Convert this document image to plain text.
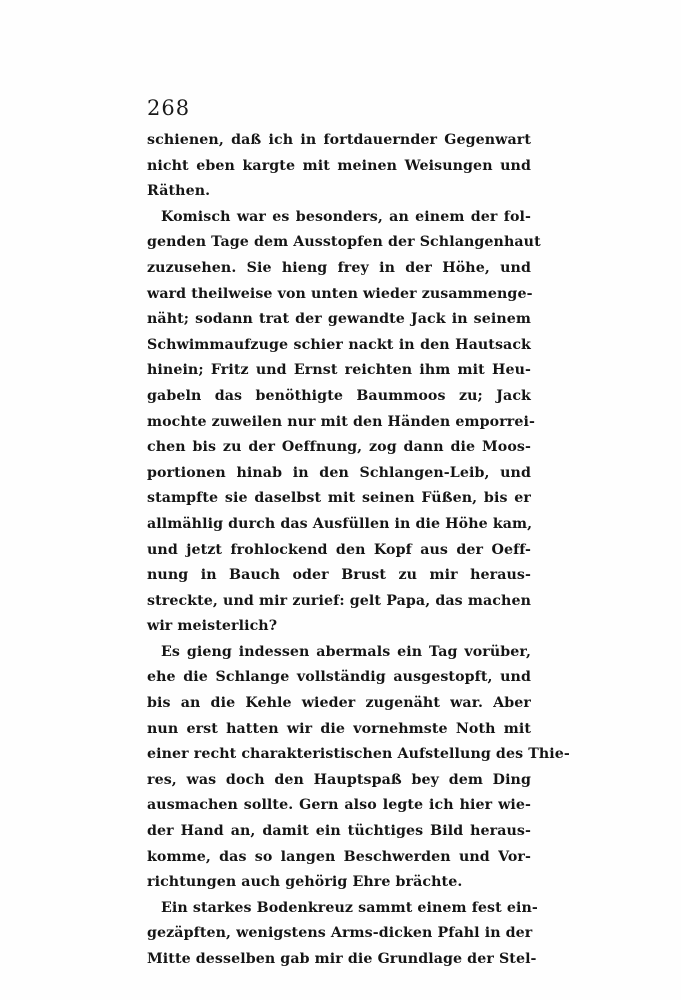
268
schienen, daß ich in fortdauernder Gegenwart
nicht eben kargte mit meinen Weisungen und
Räthen.
Komisch war es besonders, an einem der fol-
genden Tage dem Ausstopfen der Schlangenhaut
zuzusehen. Sie hieng frey in der Höhe, und
ward theilweise von unten wieder zusammenge-
näht; sodann trat der gewandte Jack in seinem
Schwimmaufzuge schier nackt in den Hautsack
hinein; Fritz und Ernst reichten ihm mit Heu-
gabeln das benöthigte Baummoos zu; Jack
mochte zuweilen nur mit den Händen emporrei-
chen bis zu der Oeffnung, zog dann die Moos-
portionen hinab in den Schlangen-Leib, und
stampfte sie daselbst mit seinen Füßen, bis er
allmählig durch das Ausfüllen in die Höhe kam,
und jetzt frohlockend den Kopf aus der Oeff-
nung in Bauch oder Brust zu mir heraus-
streckte, und mir zurief: gelt Papa, das machen
wir meisterlich?
Es gieng indessen abermals ein Tag vorüber,
ehe die Schlange vollständig ausgestopft, und
bis an die Kehle wieder zugenäht war. Aber
nun erst hatten wir die vornehmste Noth mit
einer recht charakteristischen Aufstellung des Thie-
res, was doch den Hauptspaß bey dem Ding
ausmachen sollte. Gern also legte ich hier wie-
der Hand an, damit ein tüchtiges Bild heraus-
komme, das so langen Beschwerden und Vor-
richtungen auch gehörig Ehre brächte.
Ein starkes Bodenkreuz sammt einem fest ein-
gezäpften, wenigstens Arms-dicken Pfahl in der
Mitte desselben gab mir die Grundlage der Stel-
